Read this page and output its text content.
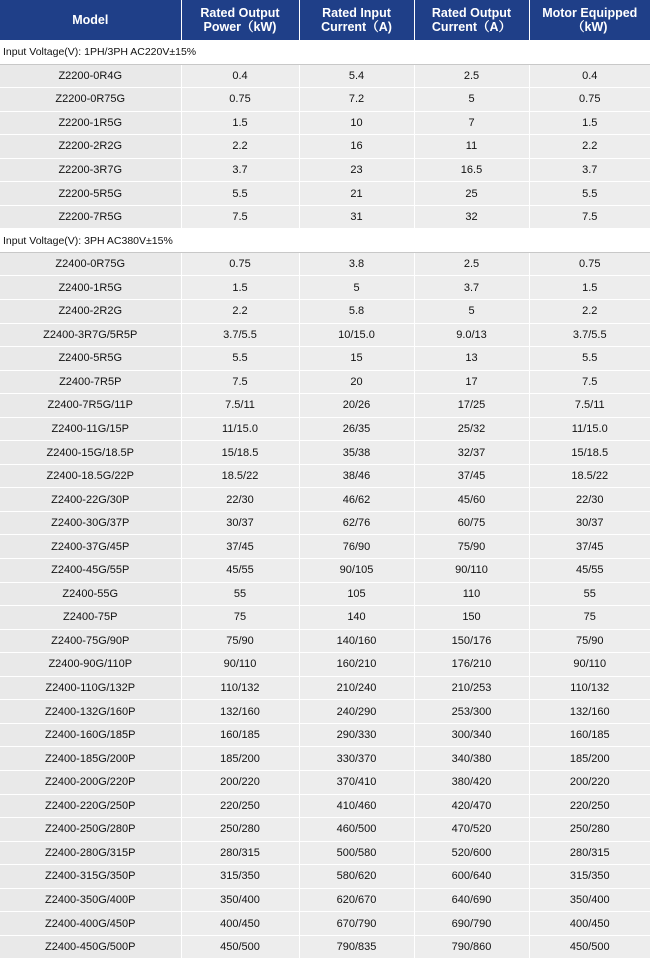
Model	Rated Output Power（kW)	Rated Input Current（A)	Rated Output Current（A）	Motor Equipped（kW)
Input Voltage(V): 1PH/3PH AC220V±15%				
Z2200-0R4G	0.4	5.4	2.5	0.4
Z2200-0R75G	0.75	7.2	5	0.75
Z2200-1R5G	1.5	10	7	1.5
Z2200-2R2G	2.2	16	11	2.2
Z2200-3R7G	3.7	23	16.5	3.7
Z2200-5R5G	5.5	21	25	5.5
Z2200-7R5G	7.5	31	32	7.5
Input Voltage(V): 3PH AC380V±15%				
Z2400-0R75G	0.75	3.8	2.5	0.75
Z2400-1R5G	1.5	5	3.7	1.5
Z2400-2R2G	2.2	5.8	5	2.2
Z2400-3R7G/5R5P	3.7/5.5	10/15.0	9.0/13	3.7/5.5
Z2400-5R5G	5.5	15	13	5.5
Z2400-7R5P	7.5	20	17	7.5
Z2400-7R5G/11P	7.5/11	20/26	17/25	7.5/11
Z2400-11G/15P	11/15.0	26/35	25/32	11/15.0
Z2400-15G/18.5P	15/18.5	35/38	32/37	15/18.5
Z2400-18.5G/22P	18.5/22	38/46	37/45	18.5/22
Z2400-22G/30P	22/30	46/62	45/60	22/30
Z2400-30G/37P	30/37	62/76	60/75	30/37
Z2400-37G/45P	37/45	76/90	75/90	37/45
Z2400-45G/55P	45/55	90/105	90/110	45/55
Z2400-55G	55	105	110	55
Z2400-75P	75	140	150	75
Z2400-75G/90P	75/90	140/160	150/176	75/90
Z2400-90G/110P	90/110	160/210	176/210	90/110
Z2400-110G/132P	110/132	210/240	210/253	110/132
Z2400-132G/160P	132/160	240/290	253/300	132/160
Z2400-160G/185P	160/185	290/330	300/340	160/185
Z2400-185G/200P	185/200	330/370	340/380	185/200
Z2400-200G/220P	200/220	370/410	380/420	200/220
Z2400-220G/250P	220/250	410/460	420/470	220/250
Z2400-250G/280P	250/280	460/500	470/520	250/280
Z2400-280G/315P	280/315	500/580	520/600	280/315
Z2400-315G/350P	315/350	580/620	600/640	315/350
Z2400-350G/400P	350/400	620/670	640/690	350/400
Z2400-400G/450P	400/450	670/790	690/790	400/450
Z2400-450G/500P	450/500	790/835	790/860	450/500
